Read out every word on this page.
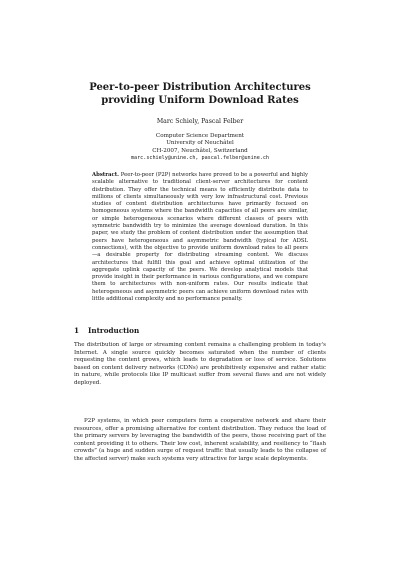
Peer-to-peer Distribution Architectures
providing Uniform Download Rates
Marc Schiely, Pascal Felber
Computer Science Department
University of Neuchâtel
CH-2007, Neuchâtel, Switzerland
marc.schiely@unine.ch, pascal.felber@unine.ch

Abstract. Peer-to-peer (P2P) networks have proved to be a powerful and highly scalable alternative to traditional client-server architectures for content distribution. They offer the technical means to efficiently distribute data to millions of clients simultaneously with very low infrastructural cost. Previous studies of content distribution architectures have primarily focused on homogeneous systems where the bandwidth capacities of all peers are similar, or simple heterogeneous scenarios where different classes of peers with symmetric bandwidth try to minimize the average download duration. In this paper, we study the problem of content distribution under the assumption that peers have heterogeneous and asymmetric bandwidth (typical for ADSL connections), with the objective to provide uniform download rates to all peers—a desirable property for distributing streaming content. We discuss architectures that fulfill this goal and achieve optimal utilization of the aggregate uplink capacity of the peers. We develop analytical models that provide insight in their performance in various configurations, and we compare them to architectures with non-uniform rates. Our results indicate that heterogeneous and asymmetric peers can achieve uniform download rates with little additional complexity and no performance penalty.

1 Introduction

The distribution of large or streaming content remains a challenging problem in today's Internet. A single source quickly becomes saturated when the number of clients requesting the content grows, which leads to degradation or loss of service. Solutions based on content delivery networks (CDNs) are prohibitively expensive and rather static in nature, while protocols like IP multicast suffer from several flaws and are not widely deployed.

P2P systems, in which peer computers form a cooperative network and share their resources, offer a promising alternative for content distribution. They reduce the load of the primary servers by leveraging the bandwidth of the peers, those receiving part of the content providing it to others. Their low cost, inherent scalability, and resiliency to “flash crowds” (a huge and sudden surge of request traffic that usually leads to the collapse of the affected server) make such systems very attractive for large scale deployments.
